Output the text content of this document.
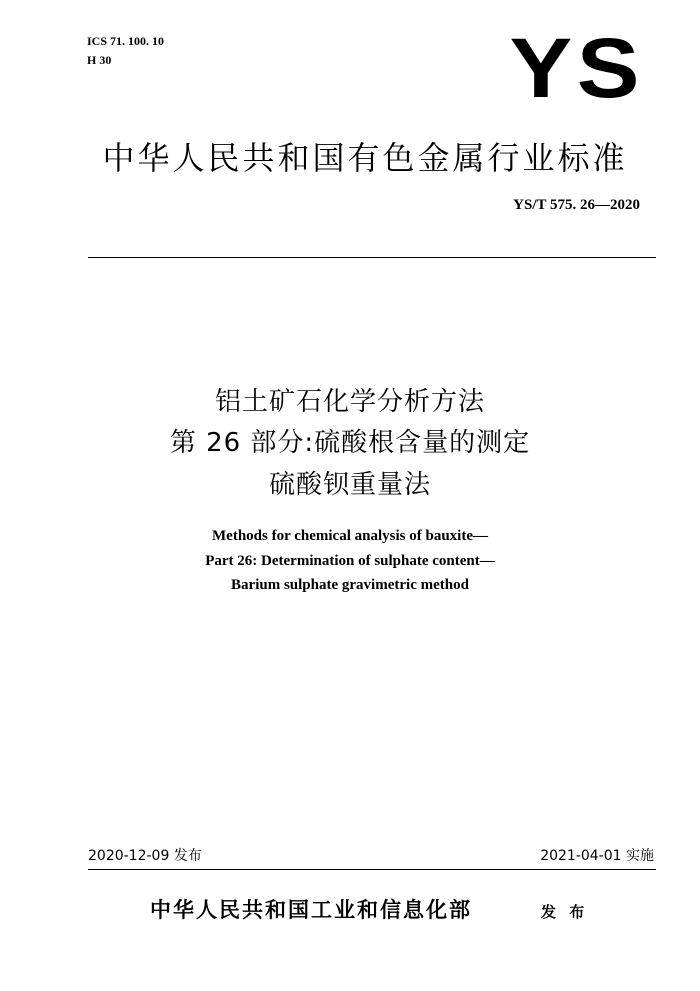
ICS 71. 100. 10
H 30	YS
中华人民共和国有色金属行业标准
YS/T 575. 26—2020
铝土矿石化学分析方法
第 26 部分:硫酸根含量的测定
硫酸钡重量法
Methods for chemical analysis of bauxite—
Part 26: Determination of sulphate content—
Barium sulphate gravimetric method
2020-12-09 发布	2021-04-01 实施
中华人民共和国工业和信息化部	发 布
